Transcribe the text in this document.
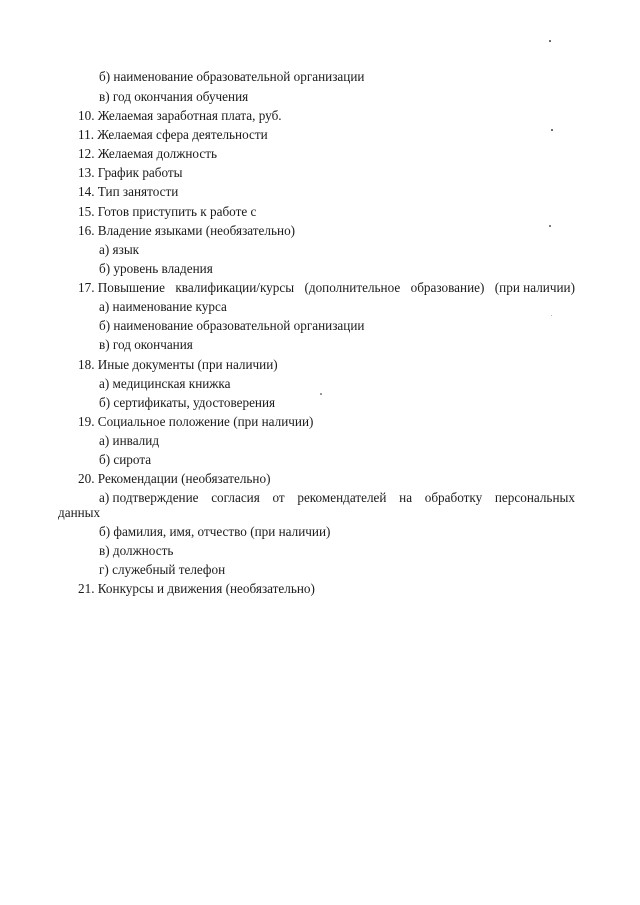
б) наименование образовательной организации
в) год окончания обучения
10. Желаемая заработная плата, руб.
11. Желаемая сфера деятельности
12. Желаемая должность
13. График работы
14. Тип занятости
15. Готов приступить к работе с
16. Владение языками (необязательно)
а) язык
б) уровень владения
17. Повышение квалификации/курсы (дополнительное образование) (при наличии)
а) наименование курса
б) наименование образовательной организации
в) год окончания
18. Иные документы (при наличии)
а) медицинская книжка
б) сертификаты, удостоверения
19. Социальное положение (при наличии)
а) инвалид
б) сирота
20. Рекомендации (необязательно)
а) подтверждение согласия от рекомендателей на обработку персональных
данных
б) фамилия, имя, отчество (при наличии)
в) должность
г) служебный телефон
21. Конкурсы и движения (необязательно)
